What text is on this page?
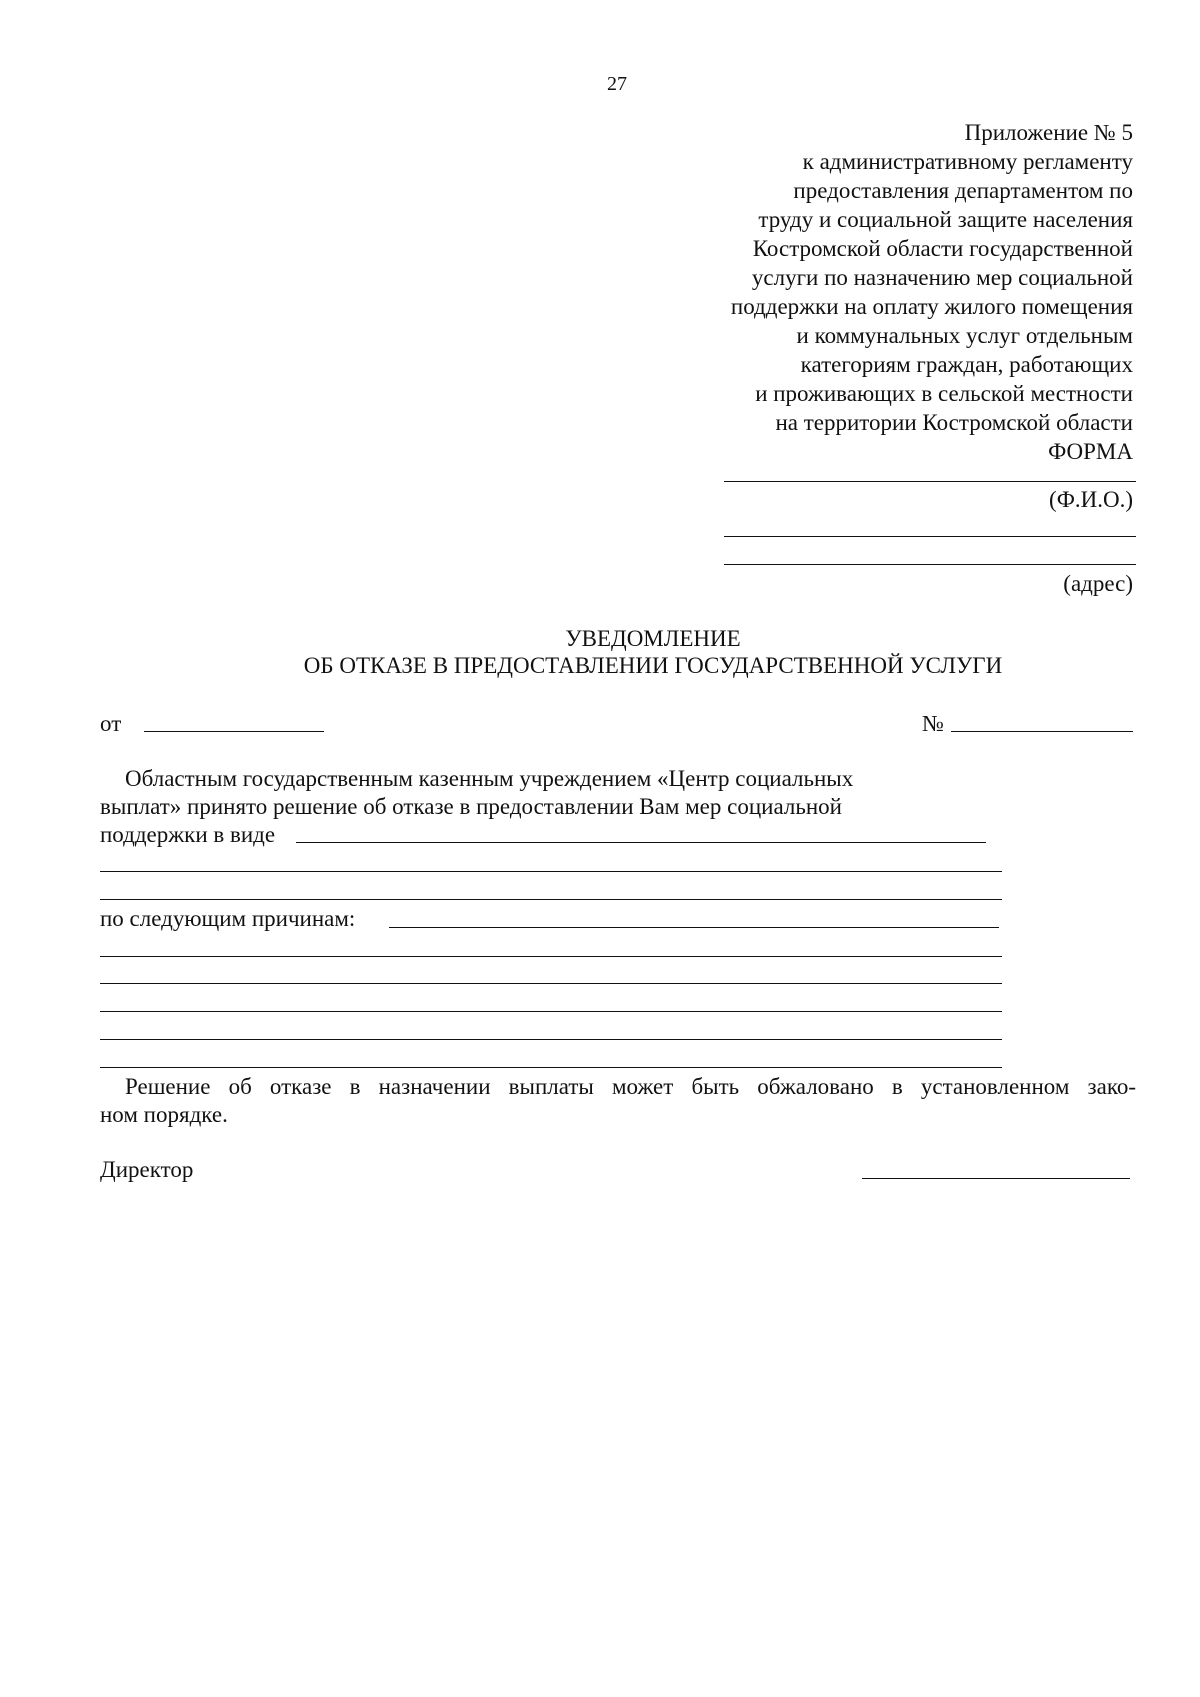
27
Приложение № 5
к административному регламенту
предоставления департаментом по
труду и социальной защите населения
Костромской области государственной
услуги по назначению мер социальной
поддержки на оплату жилого помещения
и коммунальных услуг отдельным
категориям граждан, работающих
и проживающих в сельской местности
на территории Костромской области
ФОРМА
(Ф.И.О.)
(адрес)
УВЕДОМЛЕНИЕ
ОБ ОТКАЗЕ В ПРЕДОСТАВЛЕНИИ ГОСУДАРСТВЕННОЙ УСЛУГИ
от	№
Областным государственным казенным учреждением «Центр социальных
выплат» принято решение об отказе в предоставлении Вам мер социальной
поддержки в виде
по следующим причинам:
Решение об отказе в назначении выплаты может быть обжаловано в установленном зако-
ном порядке.
Директор
